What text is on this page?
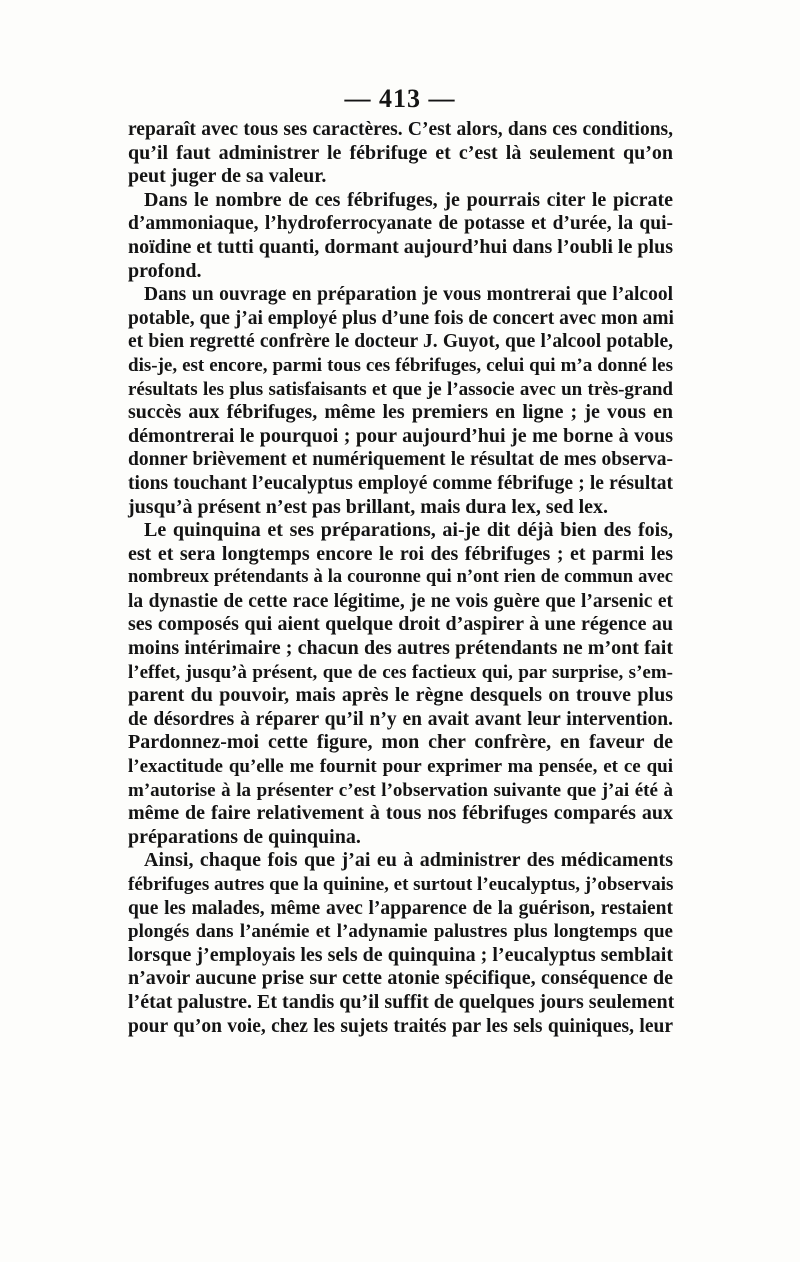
— 413 —
reparaît avec tous ses caractères. C’est alors, dans ces conditions,
qu’il faut administrer le fébrifuge et c’est là seulement qu’on
peut juger de sa valeur.
Dans le nombre de ces fébrifuges, je pourrais citer le picrate
d’ammoniaque, l’hydroferrocyanate de potasse et d’urée, la qui-
noïdine et tutti quanti, dormant aujourd’hui dans l’oubli le plus
profond.
Dans un ouvrage en préparation je vous montrerai que l’alcool
potable, que j’ai employé plus d’une fois de concert avec mon ami
et bien regretté confrère le docteur J. Guyot, que l’alcool potable,
dis-je, est encore, parmi tous ces fébrifuges, celui qui m’a donné les
résultats les plus satisfaisants et que je l’associe avec un très-grand
succès aux fébrifuges, même les premiers en ligne ; je vous en
démontrerai le pourquoi ; pour aujourd’hui je me borne à vous
donner brièvement et numériquement le résultat de mes observa-
tions touchant l’eucalyptus employé comme fébrifuge ; le résultat
jusqu’à présent n’est pas brillant, mais dura lex, sed lex.
Le quinquina et ses préparations, ai-je dit déjà bien des fois,
est et sera longtemps encore le roi des fébrifuges ; et parmi les
nombreux prétendants à la couronne qui n’ont rien de commun avec
la dynastie de cette race légitime, je ne vois guère que l’arsenic et
ses composés qui aient quelque droit d’aspirer à une régence au
moins intérimaire ; chacun des autres prétendants ne m’ont fait
l’effet, jusqu’à présent, que de ces factieux qui, par surprise, s’em-
parent du pouvoir, mais après le règne desquels on trouve plus
de désordres à réparer qu’il n’y en avait avant leur intervention.
Pardonnez-moi cette figure, mon cher confrère, en faveur de
l’exactitude qu’elle me fournit pour exprimer ma pensée, et ce qui
m’autorise à la présenter c’est l’observation suivante que j’ai été à
même de faire relativement à tous nos fébrifuges comparés aux
préparations de quinquina.
Ainsi, chaque fois que j’ai eu à administrer des médicaments
fébrifuges autres que la quinine, et surtout l’eucalyptus, j’observais
que les malades, même avec l’apparence de la guérison, restaient
plongés dans l’anémie et l’adynamie palustres plus longtemps que
lorsque j’employais les sels de quinquina ; l’eucalyptus semblait
n’avoir aucune prise sur cette atonie spécifique, conséquence de
l’état palustre. Et tandis qu’il suffit de quelques jours seulement
pour qu’on voie, chez les sujets traités par les sels quiniques, leur
